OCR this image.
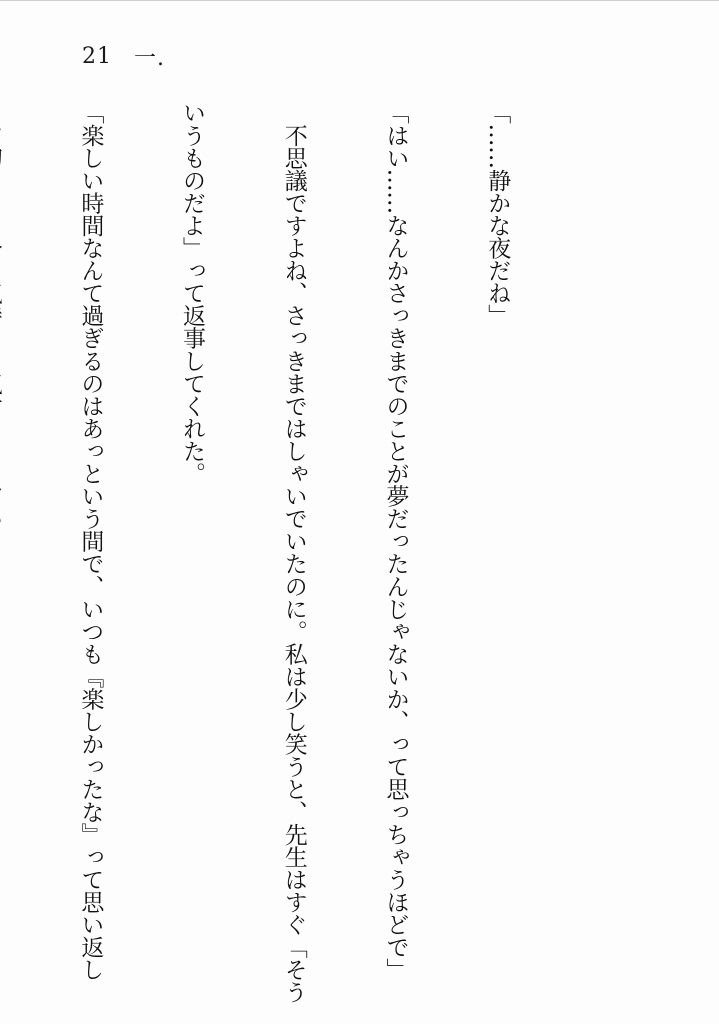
21 一.

「……静かな夜だね」

「はい……なんかさっきまでのことが夢だったんじゃないか、って思っちゃうほどで」

　不思議ですよね、さっきまではしゃいでいたのに。私は少し笑うと、先生はすぐ「そう

いうものだよ」って返事してくれた。

「楽しい時間なんて過ぎるのはあっという間で、いつも『楽しかったな』って思い返し
